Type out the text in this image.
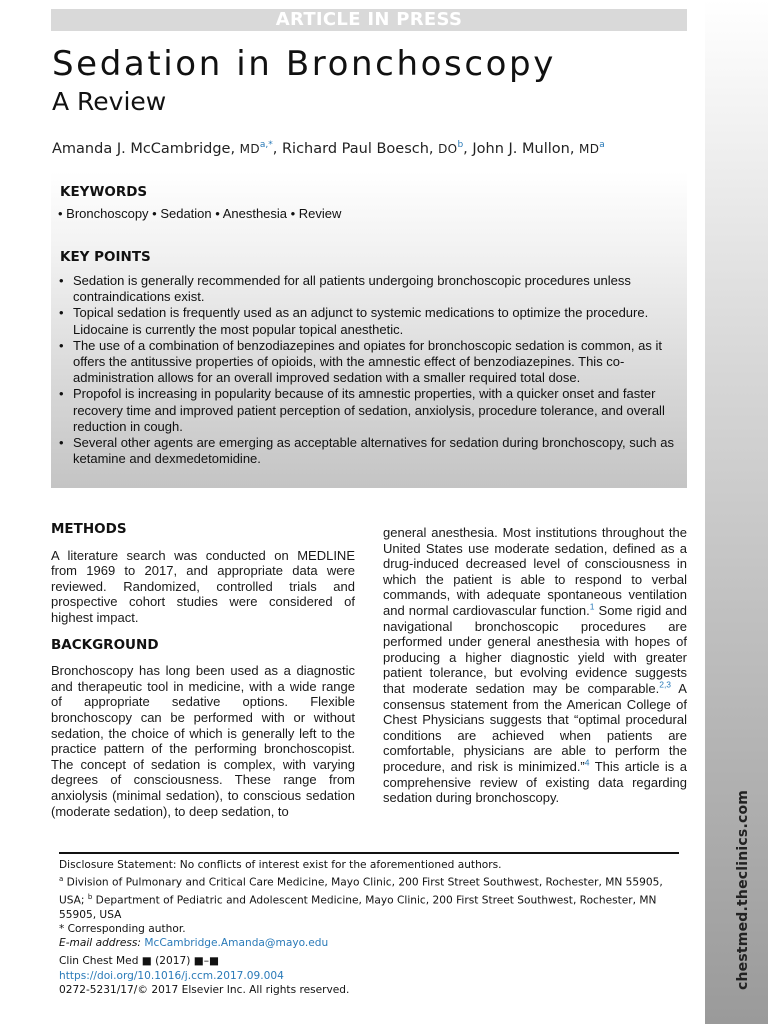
ARTICLE IN PRESS
Sedation in Bronchoscopy
A Review
Amanda J. McCambridge, $MD^{a,*}$, Richard Paul Boesch, $DO^b$, John J. Mullon, $MD^a$
KEYWORDS
• Bronchoscopy • Sedation • Anesthesia • Review
KEY POINTS
• Sedation is generally recommended for all patients undergoing bronchoscopic procedures unless contraindications exist.
• Topical sedation is frequently used as an adjunct to systemic medications to optimize the procedure. Lidocaine is currently the most popular topical anesthetic.
• The use of a combination of benzodiazepines and opiates for bronchoscopic sedation is common, as it offers the antitussive properties of opioids, with the amnestic effect of benzodiazepines. This co-administration allows for an overall improved sedation with a smaller required total dose.
• Propofol is increasing in popularity because of its amnestic properties, with a quicker onset and faster recovery time and improved patient perception of sedation, anxiolysis, procedure tolerance, and overall reduction in cough.
• Several other agents are emerging as acceptable alternatives for sedation during bronchoscopy, such as ketamine and dexmedetomidine.
METHODS

A literature search was conducted on MEDLINE from 1969 to 2017, and appropriate data were reviewed. Randomized, controlled trials and prospective cohort studies were considered of highest impact.

BACKGROUND

Bronchoscopy has long been used as a diagnostic and therapeutic tool in medicine, with a wide range of appropriate sedative options. Flexible bronchoscopy can be performed with or without sedation, the choice of which is generally left to the practice pattern of the performing bronchoscopist. The concept of sedation is complex, with varying degrees of consciousness. These range from anxiolysis (minimal sedation), to conscious sedation (moderate sedation), to deep sedation, to

general anesthesia. Most institutions throughout the United States use moderate sedation, defined as a drug-induced decreased level of consciousness in which the patient is able to respond to verbal commands, with adequate spontaneous ventilation and normal cardiovascular function.$^1$ Some rigid and navigational bronchoscopic procedures are performed under general anesthesia with hopes of producing a higher diagnostic yield with greater patient tolerance, but evolving evidence suggests that moderate sedation may be comparable.$^{2,3}$ A consensus statement from the American College of Chest Physicians suggests that “optimal procedural conditions are achieved when patients are comfortable, physicians are able to perform the procedure, and risk is minimized.”$^4$ This article is a comprehensive review of existing data regarding sedation during bronchoscopy.

Disclosure Statement: No conflicts of interest exist for the aforementioned authors.

$^a$ Division of Pulmonary and Critical Care Medicine, Mayo Clinic, 200 First Street Southwest, Rochester, MN 55905, USA; $^b$ Department of Pediatric and Adolescent Medicine, Mayo Clinic, 200 First Street Southwest, Rochester, MN 55905, USA

* Corresponding author.

E-mail address: McCambridge.Amanda@mayo.edu

Clin Chest Med ■ (2017) ■–■
https://doi.org/10.1016/j.ccm.2017.09.004
0272-5231/17/© 2017 Elsevier Inc. All rights reserved.
chestmed.theclinics.com
